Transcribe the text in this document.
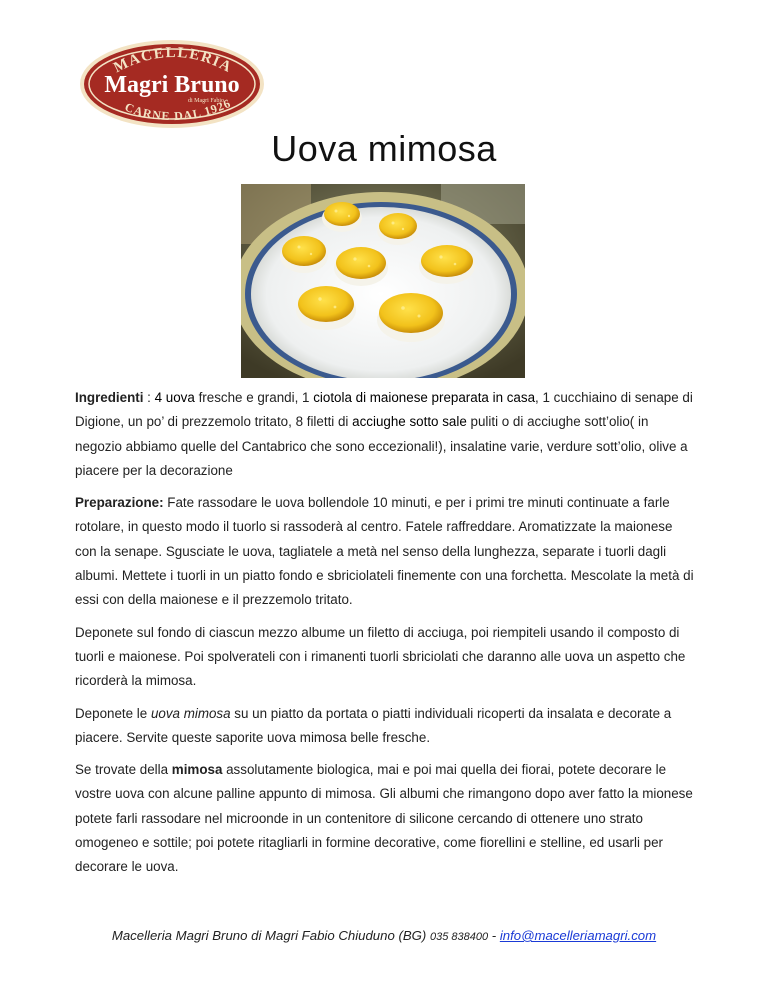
MACELLERIA
Magri Bruno
di Magri Fabio
CARNE DAL 1926
Uova mimosa

Ingredienti : 4 uova fresche e grandi, 1 ciotola di maionese preparata in casa, 1 cucchiaino di senape di Digione, un po’ di prezzemolo tritato, 8 filetti di acciughe sotto sale puliti o di acciughe sott’olio( in negozio abbiamo quelle del Cantabrico che sono eccezionali!), insalatine varie, verdure sott’olio, olive a piacere per la decorazione

Preparazione: Fate rassodare le uova bollendole 10 minuti, e per i primi tre minuti continuate a farle rotolare, in questo modo il tuorlo si rassoderà al centro. Fatele raffreddare. Aromatizzate la maionese con la senape. Sgusciate le uova, tagliatele a metà nel senso della lunghezza, separate i tuorli dagli albumi. Mettete i tuorli in un piatto fondo e sbriciolateli finemente con una forchetta. Mescolate la metà di essi con della maionese e il prezzemolo tritato.

Deponete sul fondo di ciascun mezzo albume un filetto di acciuga, poi riempiteli usando il composto di tuorli e maionese. Poi spolverateli con i rimanenti tuorli sbriciolati che daranno alle uova un aspetto che ricorderà la mimosa.

Deponete le uova mimosa su un piatto da portata o piatti individuali ricoperti da insalata e decorate a piacere. Servite queste saporite uova mimosa belle fresche.

Se trovate della mimosa assolutamente biologica, mai e poi mai quella dei fiorai, potete decorare le vostre uova con alcune palline appunto di mimosa. Gli albumi che rimangono dopo aver fatto la mionese potete farli rassodare nel microonde in un contenitore di silicone cercando di ottenere uno strato omogeneo e sottile; poi potete ritagliarli in formine decorative, come fiorellini e stelline, ed usarli per decorare le uova.

Macelleria Magri Bruno di Magri Fabio Chiuduno (BG) 035 838400 - info@macelleriamagri.com
